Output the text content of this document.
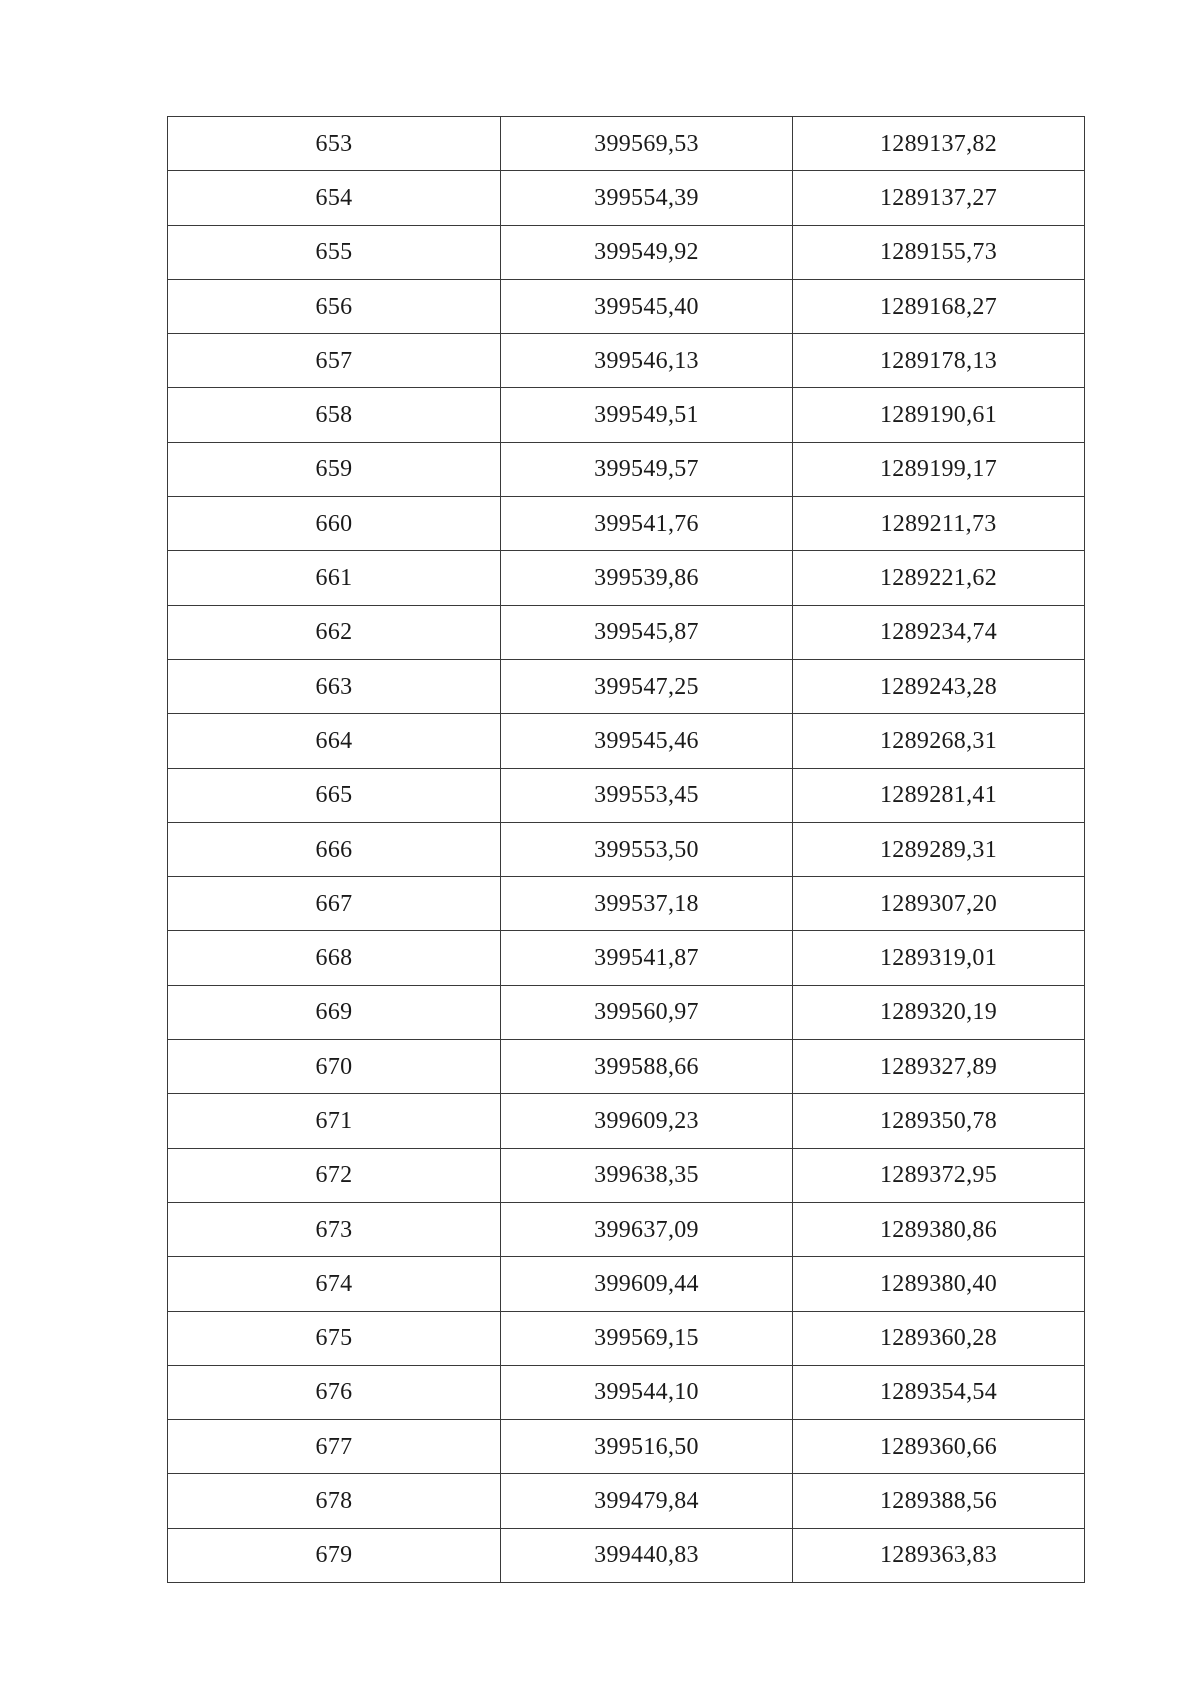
653	399569,53	1289137,82
654	399554,39	1289137,27
655	399549,92	1289155,73
656	399545,40	1289168,27
657	399546,13	1289178,13
658	399549,51	1289190,61
659	399549,57	1289199,17
660	399541,76	1289211,73
661	399539,86	1289221,62
662	399545,87	1289234,74
663	399547,25	1289243,28
664	399545,46	1289268,31
665	399553,45	1289281,41
666	399553,50	1289289,31
667	399537,18	1289307,20
668	399541,87	1289319,01
669	399560,97	1289320,19
670	399588,66	1289327,89
671	399609,23	1289350,78
672	399638,35	1289372,95
673	399637,09	1289380,86
674	399609,44	1289380,40
675	399569,15	1289360,28
676	399544,10	1289354,54
677	399516,50	1289360,66
678	399479,84	1289388,56
679	399440,83	1289363,83
